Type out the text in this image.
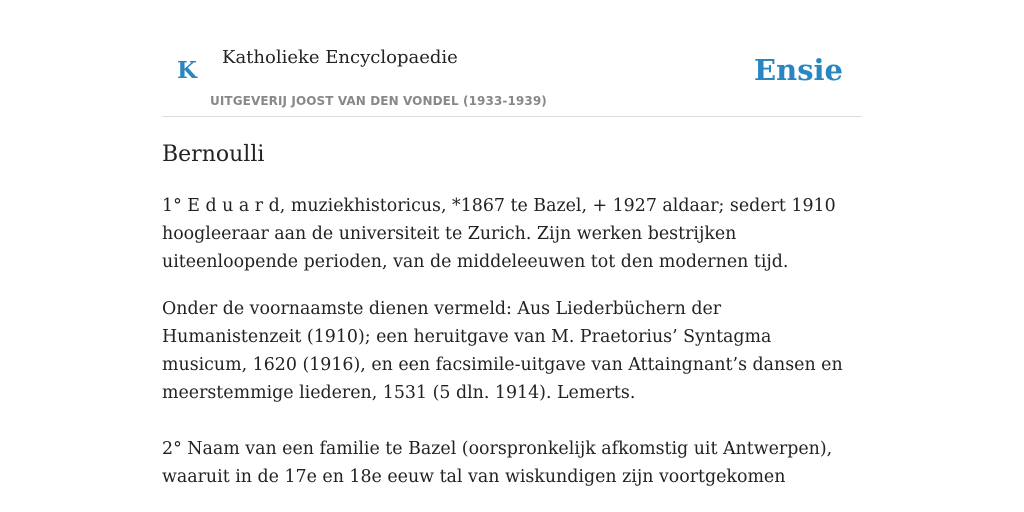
K Katholieke Encyclopaedie
UITGEVERIJ JOOST VAN DEN VONDEL (1933-1939)
Ensie
Bernoulli

1° E d u a r d, muziekhistoricus, *1867 te Bazel, + 1927 aldaar; sedert 1910 hoogleeraar aan de universiteit te Zurich. Zijn werken bestrijken uiteenloopende perioden, van de middeleeuwen tot den modernen tijd.

Onder de voornaamste dienen vermeld: Aus Liederbüchern der Humanistenzeit (1910); een heruitgave van M. Praetorius’ Syntagma musicum, 1620 (1916), en een facsimile-uitgave van Attaingnant’s dansen en meerstemmige liederen, 1531 (5 dln. 1914). Lemerts.

2° Naam van een familie te Bazel (oorspronkelijk afkomstig uit Antwerpen), waaruit in de 17e en 18e eeuw tal van wiskundigen zijn voortgekomen
